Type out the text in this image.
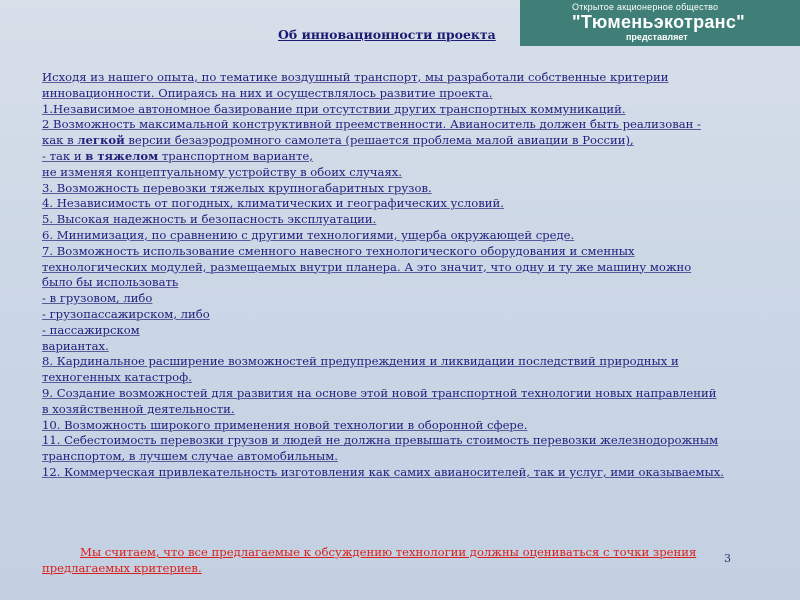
Открытое акционерное общество
"Тюменьэкотранс"
представляет
Об инновационности проекта
Исходя из нашего опыта, по тематике воздушный транспорт, мы разработали собственные критерии
инновационности. Опираясь на них и осуществлялось развитие проекта.
1.Независимое автономное базирование при отсутствии других транспортных коммуникаций.
2 Возможность максимальной конструктивной преемственности. Авианоситель должен быть реализован -
как в легкой версии безаэродромного самолета (решается проблема малой авиации в России),
- так и в тяжелом транспортном варианте,
не изменяя концептуальному устройству в обоих случаях.
3. Возможность перевозки тяжелых крупногабаритных грузов.
4. Независимость от погодных, климатических и географических условий.
5. Высокая надежность и безопасность эксплуатации.
6. Минимизация, по сравнению с другими технологиями, ущерба окружающей среде.
7. Возможность использование сменного навесного технологического оборудования и сменных
технологических модулей, размещаемых внутри планера. А это значит, что одну и ту же машину можно
было бы использовать
- в грузовом, либо
- грузопассажирском, либо
- пассажирском
вариантах.
8. Кардинальное расширение возможностей предупреждения и ликвидации последствий природных и
техногенных катастроф.
9. Создание возможностей для развития на основе этой новой транспортной технологии новых направлений
в хозяйственной деятельности.
10. Возможность широкого применения новой технологии в оборонной сфере.
11. Себестоимость перевозки грузов и людей не должна превышать стоимость перевозки железнодорожным
транспортом, в лучшем случае автомобильным.
12. Коммерческая привлекательность изготовления как самих авианосителей, так и услуг, ими оказываемых.
Мы считаем, что все предлагаемые к обсуждению технологии должны оцениваться с точки зрения
предлагаемых критериев.
3
